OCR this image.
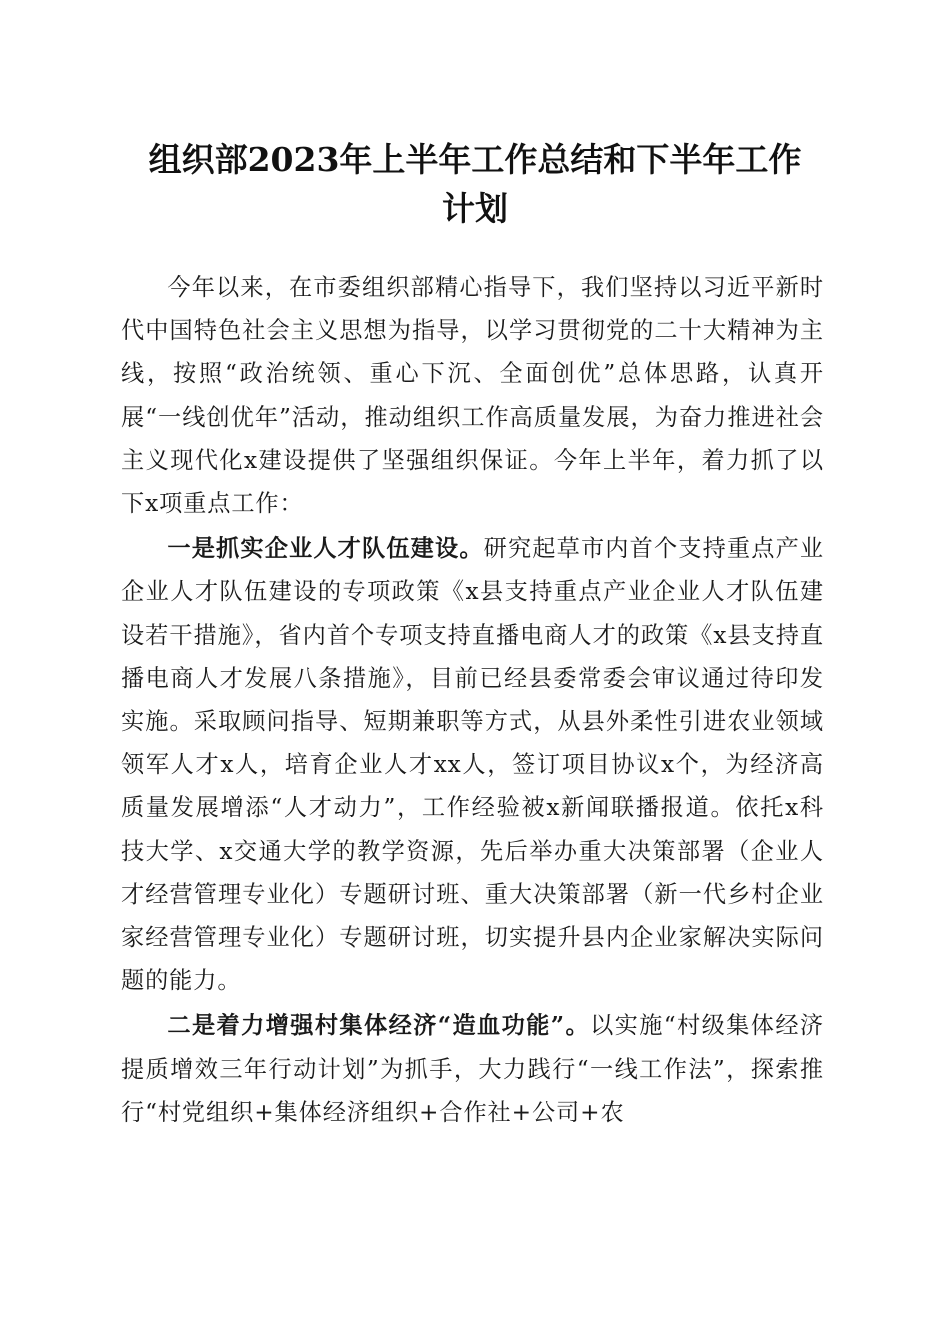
组织部2023年上半年工作总结和下半年工作
计划

今年以来，在市委组织部精心指导下，我们坚持以习近平新时代中国特色社会主义思想为指导，以学习贯彻党的二十大精神为主线，按照“政治统领、重心下沉、全面创优”总体思路，认真开展“一线创优年”活动，推动组织工作高质量发展，为奋力推进社会主义现代化x建设提供了坚强组织保证。今年上半年，着力抓了以下x项重点工作：

一是抓实企业人才队伍建设。研究起草市内首个支持重点产业企业人才队伍建设的专项政策《x县支持重点产业企业人才队伍建设若干措施》，省内首个专项支持直播电商人才的政策《x县支持直播电商人才发展八条措施》，目前已经县委常委会审议通过待印发实施。采取顾问指导、短期兼职等方式，从县外柔性引进农业领域领军人才x人，培育企业人才xx人，签订项目协议x个，为经济高质量发展增添“人才动力”，工作经验被x新闻联播报道。依托x科技大学、x交通大学的教学资源，先后举办重大决策部署（企业人才经营管理专业化）专题研讨班、重大决策部署（新一代乡村企业家经营管理专业化）专题研讨班，切实提升县内企业家解决实际问题的能力。

二是着力增强村集体经济“造血功能”。以实施“村级集体经济提质增效三年行动计划”为抓手，大力践行“一线工作法”，探索推行“村党组织+集体经济组织+合作社+公司+农
